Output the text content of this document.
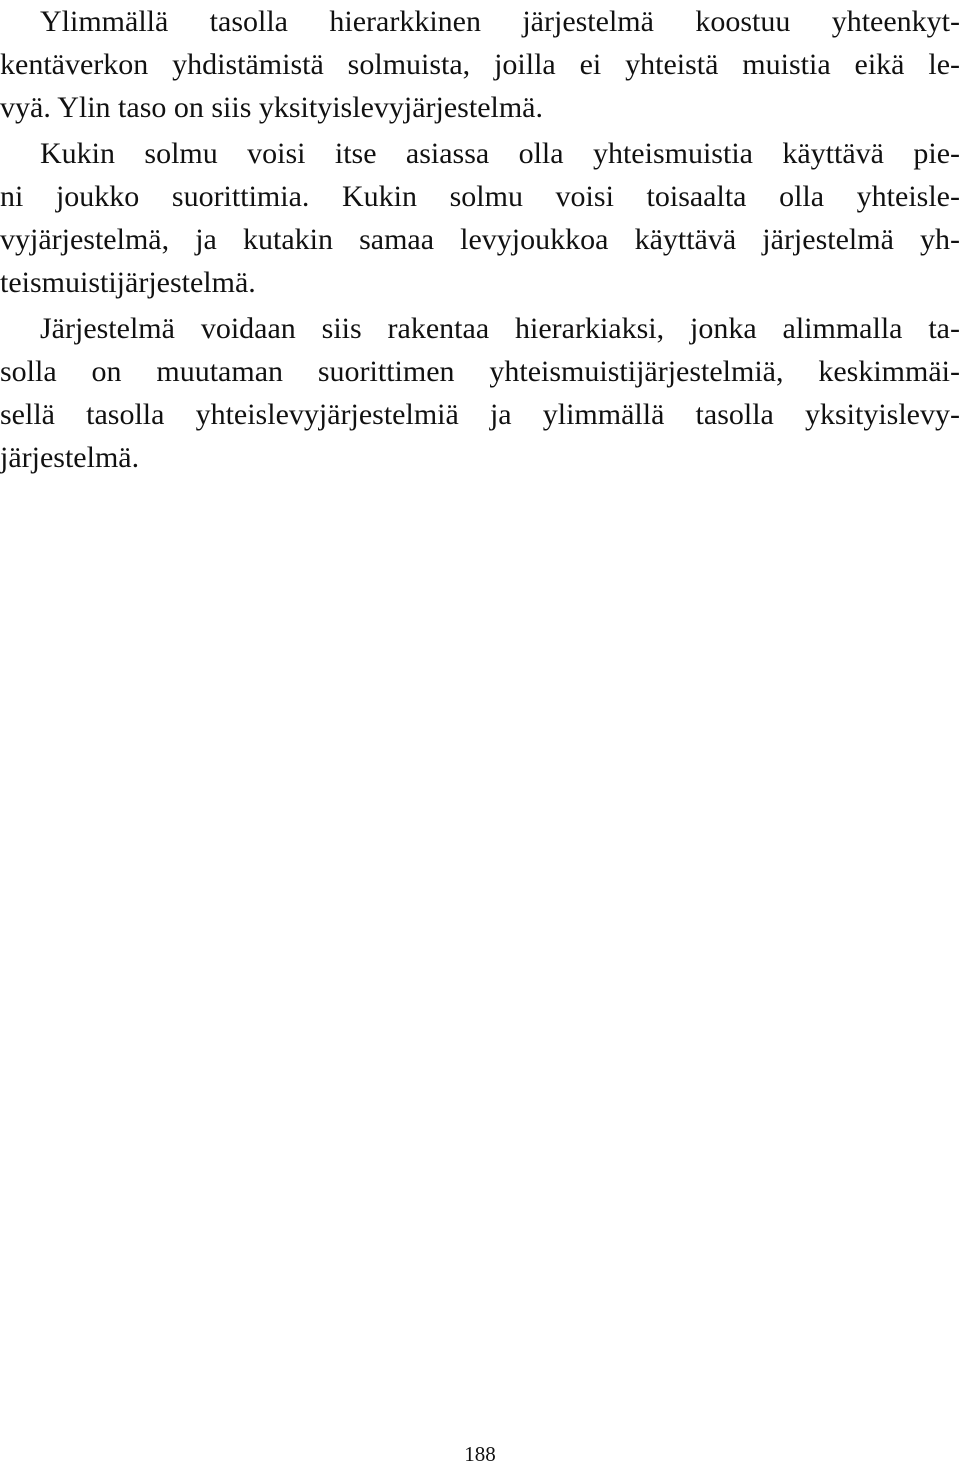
Ylimmällä tasolla hierarkkinen järjestelmä koostuu yhteenkyt-
kentäverkon yhdistämistä solmuista, joilla ei yhteistä muistia eikä le-
vyä. Ylin taso on siis yksityislevyjärjestelmä.
Kukin solmu voisi itse asiassa olla yhteismuistia käyttävä pie-
ni joukko suorittimia. Kukin solmu voisi toisaalta olla yhteisle-
vyjärjestelmä, ja kutakin samaa levyjoukkoa käyttävä järjestelmä yh-
teismuistijärjestelmä.
Järjestelmä voidaan siis rakentaa hierarkiaksi, jonka alimmalla ta-
solla on muutaman suorittimen yhteismuistijärjestelmiä, keskimmäi-
sellä tasolla yhteislevyjärjestelmiä ja ylimmällä tasolla yksityislevy-
järjestelmä.
188
